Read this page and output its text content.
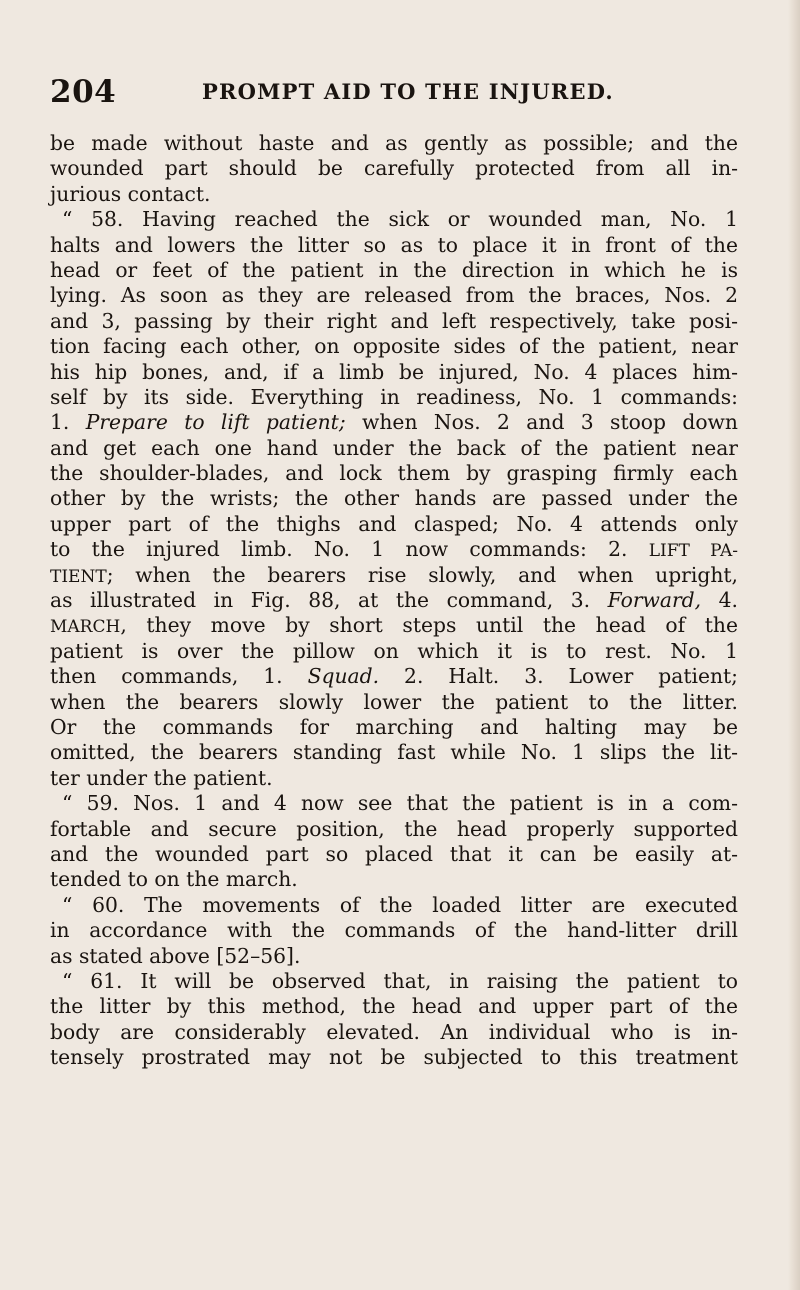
204	PROMPT AID TO THE INJURED.
be made without haste and as gently as possible; and the
wounded part should be carefully protected from all in-
jurious contact.
“ 58. Having reached the sick or wounded man, No. 1
halts and lowers the litter so as to place it in front of the
head or feet of the patient in the direction in which he is
lying. As soon as they are released from the braces, Nos. 2
and 3, passing by their right and left respectively, take posi-
tion facing each other, on opposite sides of the patient, near
his hip bones, and, if a limb be injured, No. 4 places him-
self by its side. Everything in readiness, No. 1 commands:
1. Prepare to lift patient; when Nos. 2 and 3 stoop down
and get each one hand under the back of the patient near
the shoulder-blades, and lock them by grasping firmly each
other by the wrists; the other hands are passed under the
upper part of the thighs and clasped; No. 4 attends only
to the injured limb. No. 1 now commands: 2. LIFT PA-
TIENT; when the bearers rise slowly, and when upright,
as illustrated in Fig. 88, at the command, 3. Forward, 4.
MARCH, they move by short steps until the head of the
patient is over the pillow on which it is to rest. No. 1
then commands, 1. Squad. 2. Halt. 3. Lower patient;
when the bearers slowly lower the patient to the litter.
Or the commands for marching and halting may be
omitted, the bearers standing fast while No. 1 slips the lit-
ter under the patient.
“ 59. Nos. 1 and 4 now see that the patient is in a com-
fortable and secure position, the head properly supported
and the wounded part so placed that it can be easily at-
tended to on the march.
“ 60. The movements of the loaded litter are executed
in accordance with the commands of the hand-litter drill
as stated above [52–56].
“ 61. It will be observed that, in raising the patient to
the litter by this method, the head and upper part of the
body are considerably elevated. An individual who is in-
tensely prostrated may not be subjected to this treatment
